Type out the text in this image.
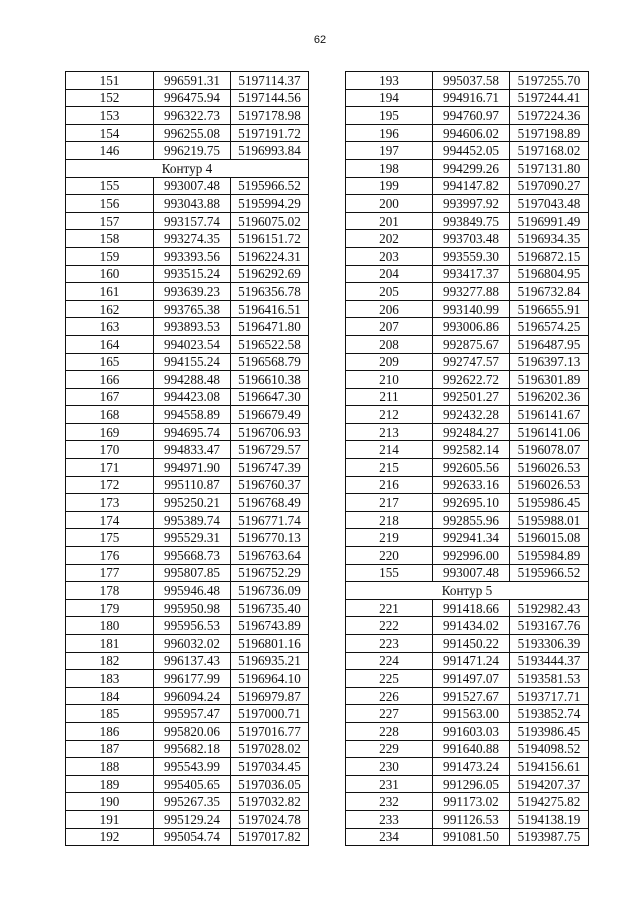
62
151	996591.31	5197114.37
152	996475.94	5197144.56
153	996322.73	5197178.98
154	996255.08	5197191.72
146	996219.75	5196993.84
Контур 4		
155	993007.48	5195966.52
156	993043.88	5195994.29
157	993157.74	5196075.02
158	993274.35	5196151.72
159	993393.56	5196224.31
160	993515.24	5196292.69
161	993639.23	5196356.78
162	993765.38	5196416.51
163	993893.53	5196471.80
164	994023.54	5196522.58
165	994155.24	5196568.79
166	994288.48	5196610.38
167	994423.08	5196647.30
168	994558.89	5196679.49
169	994695.74	5196706.93
170	994833.47	5196729.57
171	994971.90	5196747.39
172	995110.87	5196760.37
173	995250.21	5196768.49
174	995389.74	5196771.74
175	995529.31	5196770.13
176	995668.73	5196763.64
177	995807.85	5196752.29
178	995946.48	5196736.09
179	995950.98	5196735.40
180	995956.53	5196743.89
181	996032.02	5196801.16
182	996137.43	5196935.21
183	996177.99	5196964.10
184	996094.24	5196979.87
185	995957.47	5197000.71
186	995820.06	5197016.77
187	995682.18	5197028.02
188	995543.99	5197034.45
189	995405.65	5197036.05
190	995267.35	5197032.82
191	995129.24	5197024.78
192	995054.74	5197017.82
193	995037.58	5197255.70
194	994916.71	5197244.41
195	994760.97	5197224.36
196	994606.02	5197198.89
197	994452.05	5197168.02
198	994299.26	5197131.80
199	994147.82	5197090.27
200	993997.92	5197043.48
201	993849.75	5196991.49
202	993703.48	5196934.35
203	993559.30	5196872.15
204	993417.37	5196804.95
205	993277.88	5196732.84
206	993140.99	5196655.91
207	993006.86	5196574.25
208	992875.67	5196487.95
209	992747.57	5196397.13
210	992622.72	5196301.89
211	992501.27	5196202.36
212	992432.28	5196141.67
213	992484.27	5196141.06
214	992582.14	5196078.07
215	992605.56	5196026.53
216	992633.16	5196026.53
217	992695.10	5195986.45
218	992855.96	5195988.01
219	992941.34	5196015.08
220	992996.00	5195984.89
155	993007.48	5195966.52
Контур 5		
221	991418.66	5192982.43
222	991434.02	5193167.76
223	991450.22	5193306.39
224	991471.24	5193444.37
225	991497.07	5193581.53
226	991527.67	5193717.71
227	991563.00	5193852.74
228	991603.03	5193986.45
229	991640.88	5194098.52
230	991473.24	5194156.61
231	991296.05	5194207.37
232	991173.02	5194275.82
233	991126.53	5194138.19
234	991081.50	5193987.75
